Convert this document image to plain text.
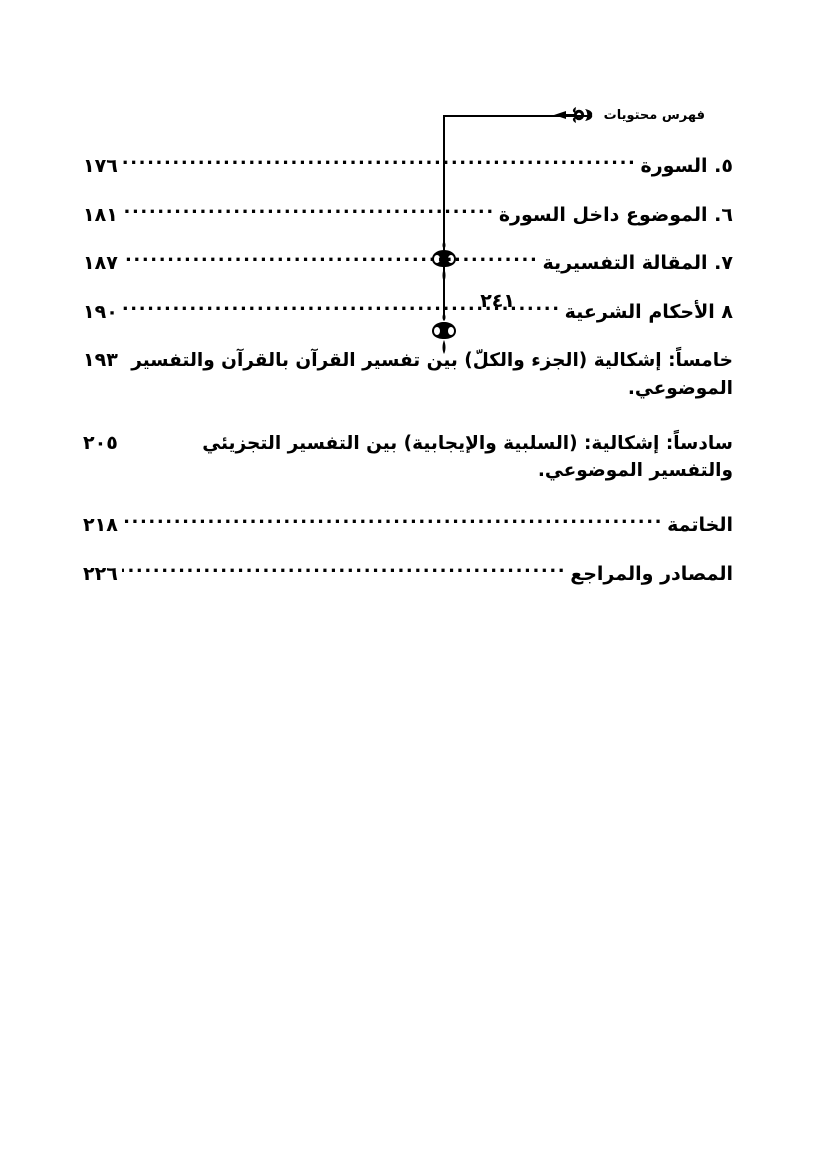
فهرس محتويات
٢٤١
٥. السورة
.....
١٧٦
٦. الموضوع داخل السورة
.....
١٨١
٧. المقالة التفسيرية
.....
١٨٧
٨ الأحكام الشرعية
.....
١٩٠
خامساً: إشكالية (الجزء والكلّ) بين تفسير القرآن بالقرآن والتفسير الموضوعي.
١٩٣
سادساً: إشكالية: (السلبية والإيجابية) بين التفسير التجزيئي والتفسير الموضوعي.
٢٠٥
الخاتمة
.....
٢١٨
المصادر والمراجع
.....
٢٢٦
